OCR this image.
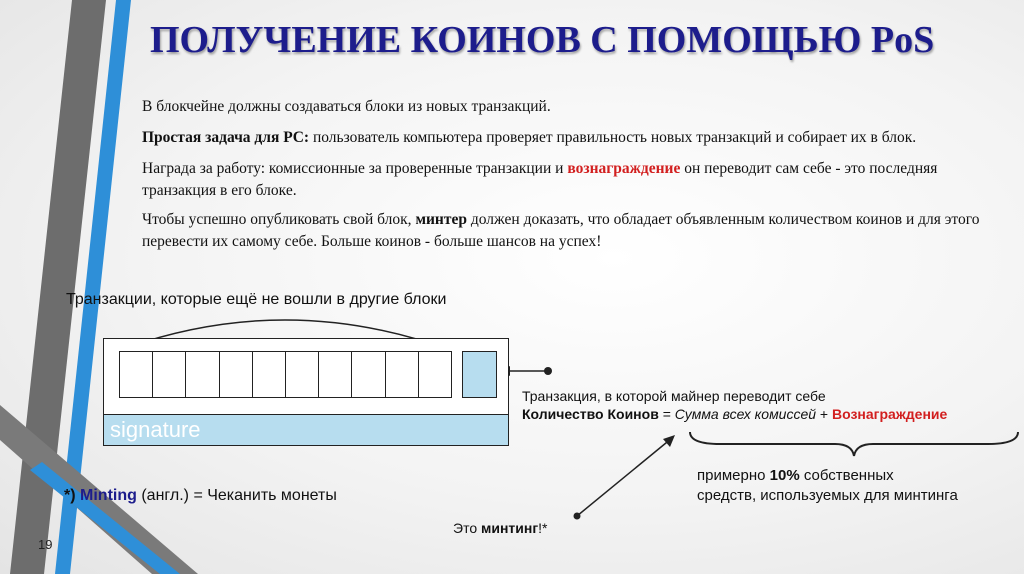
ПОЛУЧЕНИЕ КОИНОВ С ПОМОЩЬЮ PoS
В блокчейне должны создаваться блоки из новых транзакций.
Простая задача для PC: пользователь компьютера проверяет правильность новых транзакций и собирает их в блок.
Награда за работу: комиссионные за проверенные транзакции и вознаграждение он переводит сам себе - это последняя транзакция в его блоке.
Чтобы успешно опубликовать свой блок, минтер должен доказать, что обладает объявленным количеством коинов и для этого перевести их самому себе. Больше коинов - больше шансов на успех!
Транзакции, которые ещё не вошли в другие блоки
signature
Транзакция, в которой майнер переводит себе
Количество Коинов = Сумма всех комиссей + Вознаграждение
примерно 10% собственных
средств, используемых для минтинга
Это минтинг!*
*) Minting (англ.) = Чеканить монеты
19
